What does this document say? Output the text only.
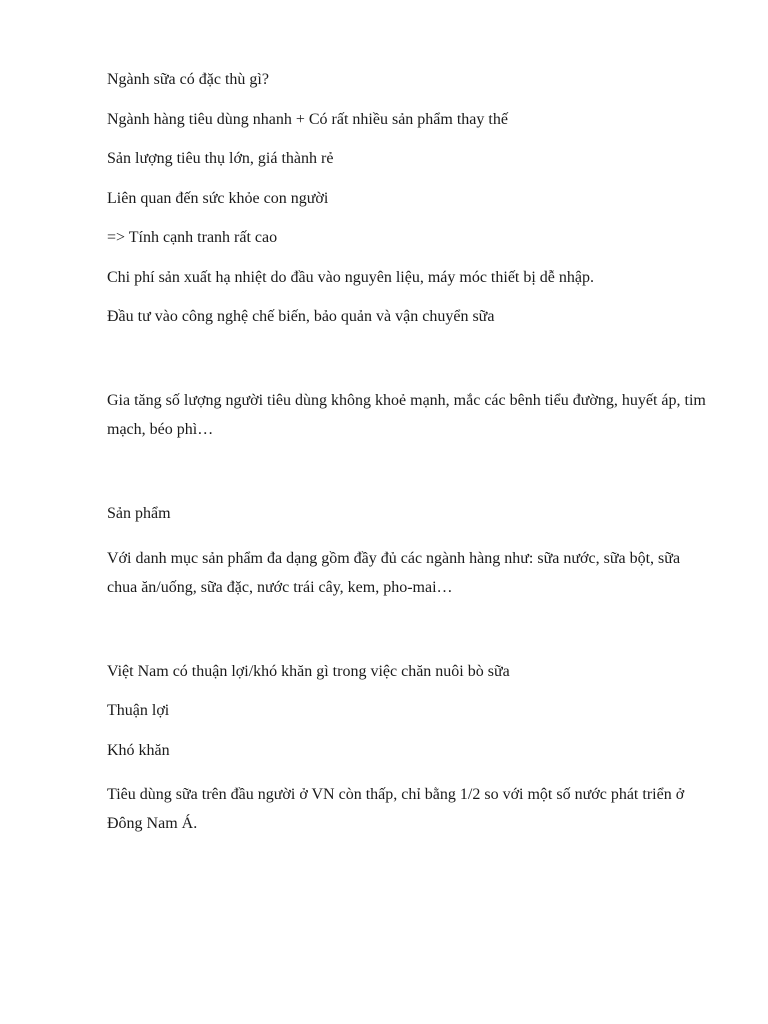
Ngành sữa có đặc thù gì?

Ngành hàng tiêu dùng nhanh + Có rất nhiều sản phẩm thay thế

Sản lượng tiêu thụ lớn, giá thành rẻ

Liên quan đến sức khỏe con người

=> Tính cạnh tranh rất cao

Chi phí sản xuất hạ nhiệt do đầu vào nguyên liệu, máy móc thiết bị dễ nhập.

Đầu tư vào công nghệ chế biến, bảo quản và vận chuyển sữa

Gia tăng số lượng người tiêu dùng không khoẻ mạnh, mắc các bênh tiểu đường, huyết áp, tim mạch, béo phì…

Sản phẩm

Với danh mục sản phẩm đa dạng gồm đầy đủ các ngành hàng như: sữa nước, sữa bột, sữa chua ăn/uống, sữa đặc, nước trái cây, kem, pho-mai…

Việt Nam có thuận lợi/khó khăn gì trong việc chăn nuôi bò sữa

Thuận lợi

Khó khăn

Tiêu dùng sữa trên đầu người ở VN còn thấp, chỉ bằng 1/2 so với một số nước phát triển ở Đông Nam Á.
